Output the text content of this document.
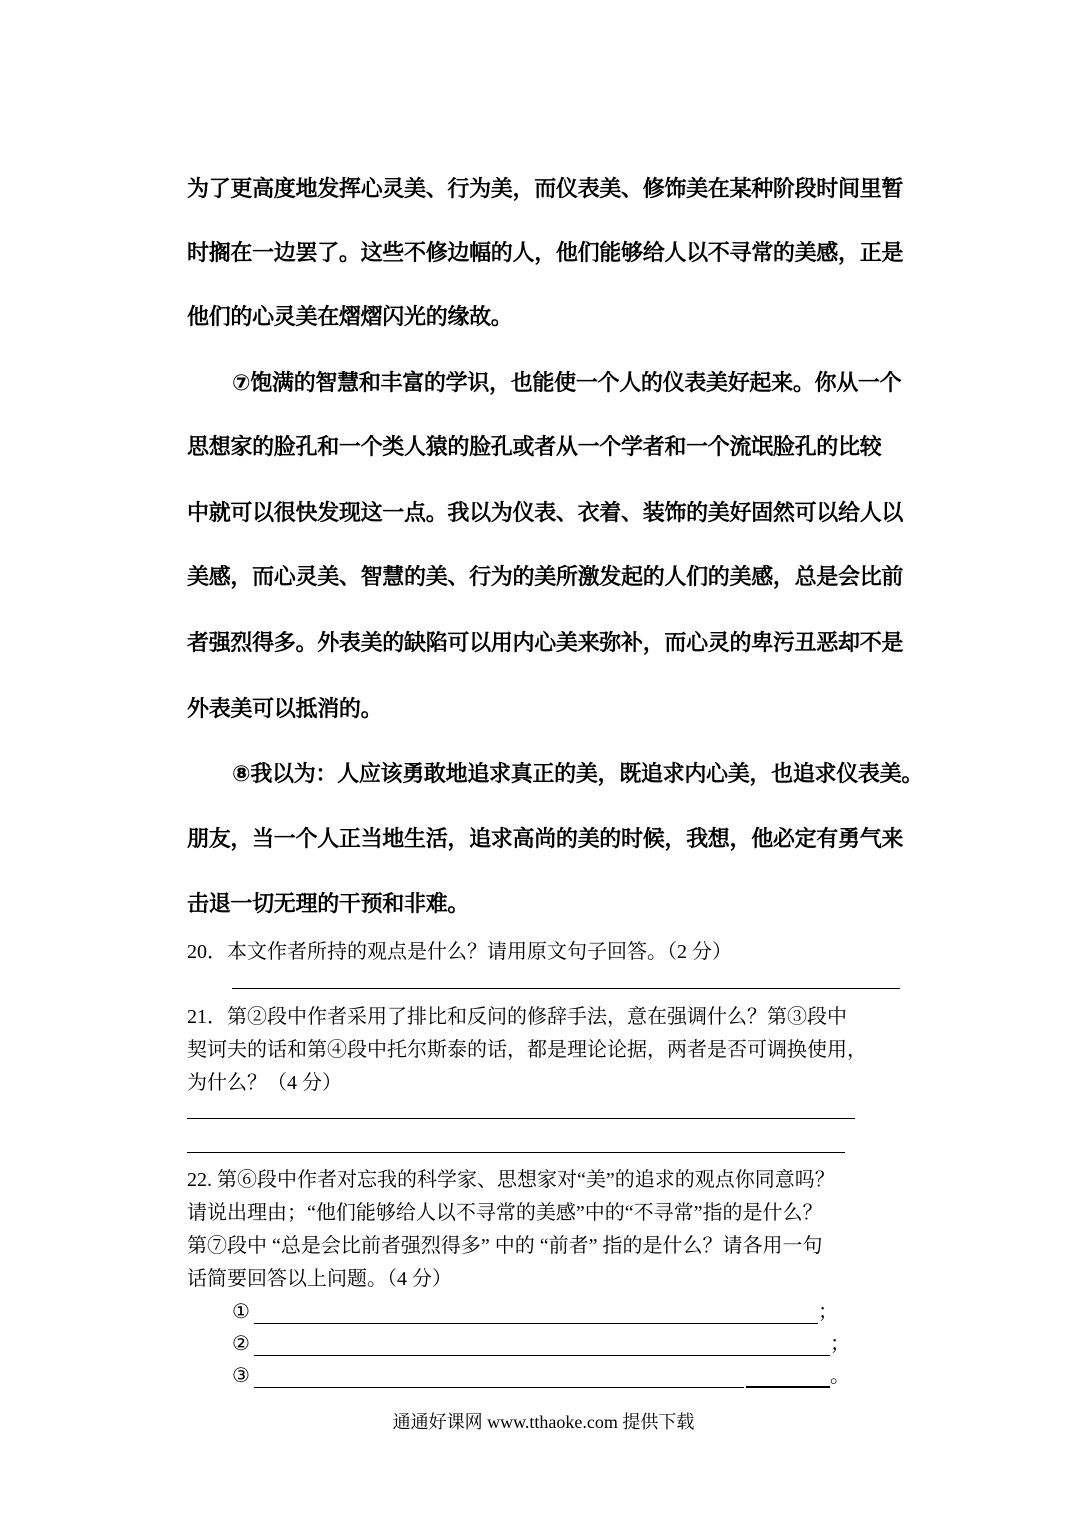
为了更高度地发挥心灵美、行为美，而仪表美、修饰美在某种阶段时间里暂
时搁在一边罢了。这些不修边幅的人，他们能够给人以不寻常的美感，正是
他们的心灵美在熠熠闪光的缘故。
⑦饱满的智慧和丰富的学识，也能使一个人的仪表美好起来。你从一个
思想家的脸孔和一个类人猿的脸孔或者从一个学者和一个流氓脸孔的比较
中就可以很快发现这一点。我以为仪表、衣着、装饰的美好固然可以给人以
美感，而心灵美、智慧的美、行为的美所激发起的人们的美感，总是会比前
者强烈得多。外表美的缺陷可以用内心美来弥补，而心灵的卑污丑恶却不是
外表美可以抵消的。
⑧我以为：人应该勇敢地追求真正的美，既追求内心美，也追求仪表美。
朋友，当一个人正当地生活，追求高尚的美的时候，我想，他必定有勇气来
击退一切无理的干预和非难。
20．本文作者所持的观点是什么？请用原文句子回答。（2 分）
21．第②段中作者采用了排比和反问的修辞手法，意在强调什么？第③段中
契诃夫的话和第④段中托尔斯泰的话，都是理论论据，两者是否可调换使用，
为什么？（4 分）
22. 第⑥段中作者对忘我的科学家、思想家对“美”的追求的观点你同意吗？
请说出理由；“他们能够给人以不寻常的美感”中的“不寻常”指的是什么？
第⑦段中 “总是会比前者强烈得多” 中的 “前者” 指的是什么？请各用一句
话简要回答以上问题。（4 分）
①	；
②	；
③	。
通通好课网 www.tthaoke.com 提供下载
